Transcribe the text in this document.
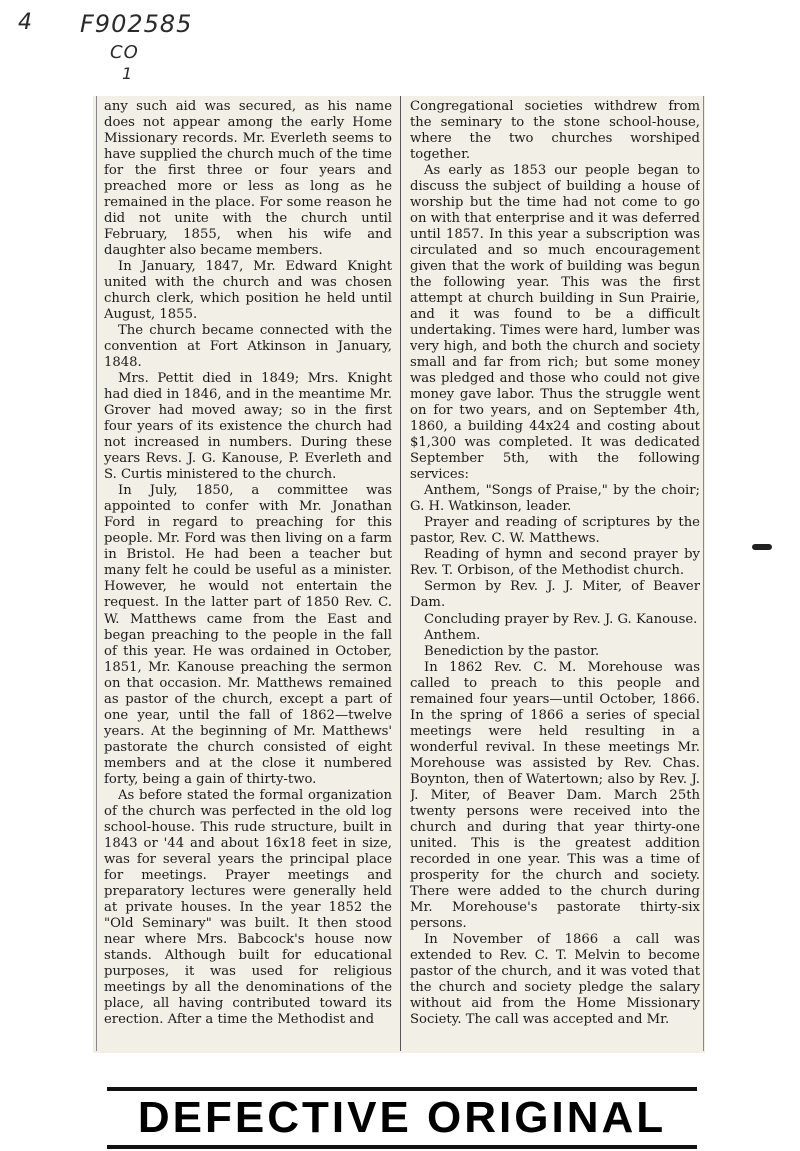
4 F902585
CO
1

any such aid was secured, as his name does not appear among the early Home Missionary records. Mr. Everleth seems to have supplied the church much of the time for the first three or four years and preached more or less as long as he remained in the place. For some reason he did not unite with the church until February, 1855, when his wife and daughter also became members.

In January, 1847, Mr. Edward Knight united with the church and was chosen church clerk, which position he held until August, 1855.

The church became connected with the convention at Fort Atkinson in January, 1848.

Mrs. Pettit died in 1849; Mrs. Knight had died in 1846, and in the meantime Mr. Grover had moved away; so in the first four years of its existence the church had not increased in numbers. During these years Revs. J. G. Kanouse, P. Everleth and S. Curtis ministered to the church.

In July, 1850, a committee was appointed to confer with Mr. Jonathan Ford in regard to preaching for this people. Mr. Ford was then living on a farm in Bristol. He had been a teacher but many felt he could be useful as a minister. However, he would not entertain the request. In the latter part of 1850 Rev. C. W. Matthews came from the East and began preaching to the people in the fall of this year. He was ordained in October, 1851, Mr. Kanouse preaching the sermon on that occasion. Mr. Matthews remained as pastor of the church, except a part of one year, until the fall of 1862—twelve years. At the beginning of Mr. Matthews' pastorate the church consisted of eight members and at the close it numbered forty, being a gain of thirty-two.

As before stated the formal organization of the church was perfected in the old log school-house. This rude structure, built in 1843 or '44 and about 16x18 feet in size, was for several years the principal place for meetings. Prayer meetings and preparatory lectures were generally held at private houses. In the year 1852 the "Old Seminary" was built. It then stood near where Mrs. Babcock's house now stands. Although built for educational purposes, it was used for religious meetings by all the denominations of the place, all having contributed toward its erection. After a time the Methodist and

Congregational societies withdrew from the seminary to the stone school-house, where the two churches worshiped together.

As early as 1853 our people began to discuss the subject of building a house of worship but the time had not come to go on with that enterprise and it was deferred until 1857. In this year a subscription was circulated and so much encouragement given that the work of building was begun the following year. This was the first attempt at church building in Sun Prairie, and it was found to be a difficult undertaking. Times were hard, lumber was very high, and both the church and society small and far from rich; but some money was pledged and those who could not give money gave labor. Thus the struggle went on for two years, and on September 4th, 1860, a building 44x24 and costing about $1,300 was completed. It was dedicated September 5th, with the following services:

Anthem, "Songs of Praise," by the choir; G. H. Watkinson, leader.

Prayer and reading of scriptures by the pastor, Rev. C. W. Matthews.

Reading of hymn and second prayer by Rev. T. Orbison, of the Methodist church.

Sermon by Rev. J. J. Miter, of Beaver Dam.

Concluding prayer by Rev. J. G. Kanouse.

Anthem.

Benediction by the pastor.

In 1862 Rev. C. M. Morehouse was called to preach to this people and remained four years—until October, 1866. In the spring of 1866 a series of special meetings were held resulting in a wonderful revival. In these meetings Mr. Morehouse was assisted by Rev. Chas. Boynton, then of Watertown; also by Rev. J. J. Miter, of Beaver Dam. March 25th twenty persons were received into the church and during that year thirty-one united. This is the greatest addition recorded in one year. This was a time of prosperity for the church and society. There were added to the church during Mr. Morehouse's pastorate thirty-six persons.

In November of 1866 a call was extended to Rev. C. T. Melvin to become pastor of the church, and it was voted that the church and society pledge the salary without aid from the Home Missionary Society. The call was accepted and Mr.

DEFECTIVE ORIGINAL
